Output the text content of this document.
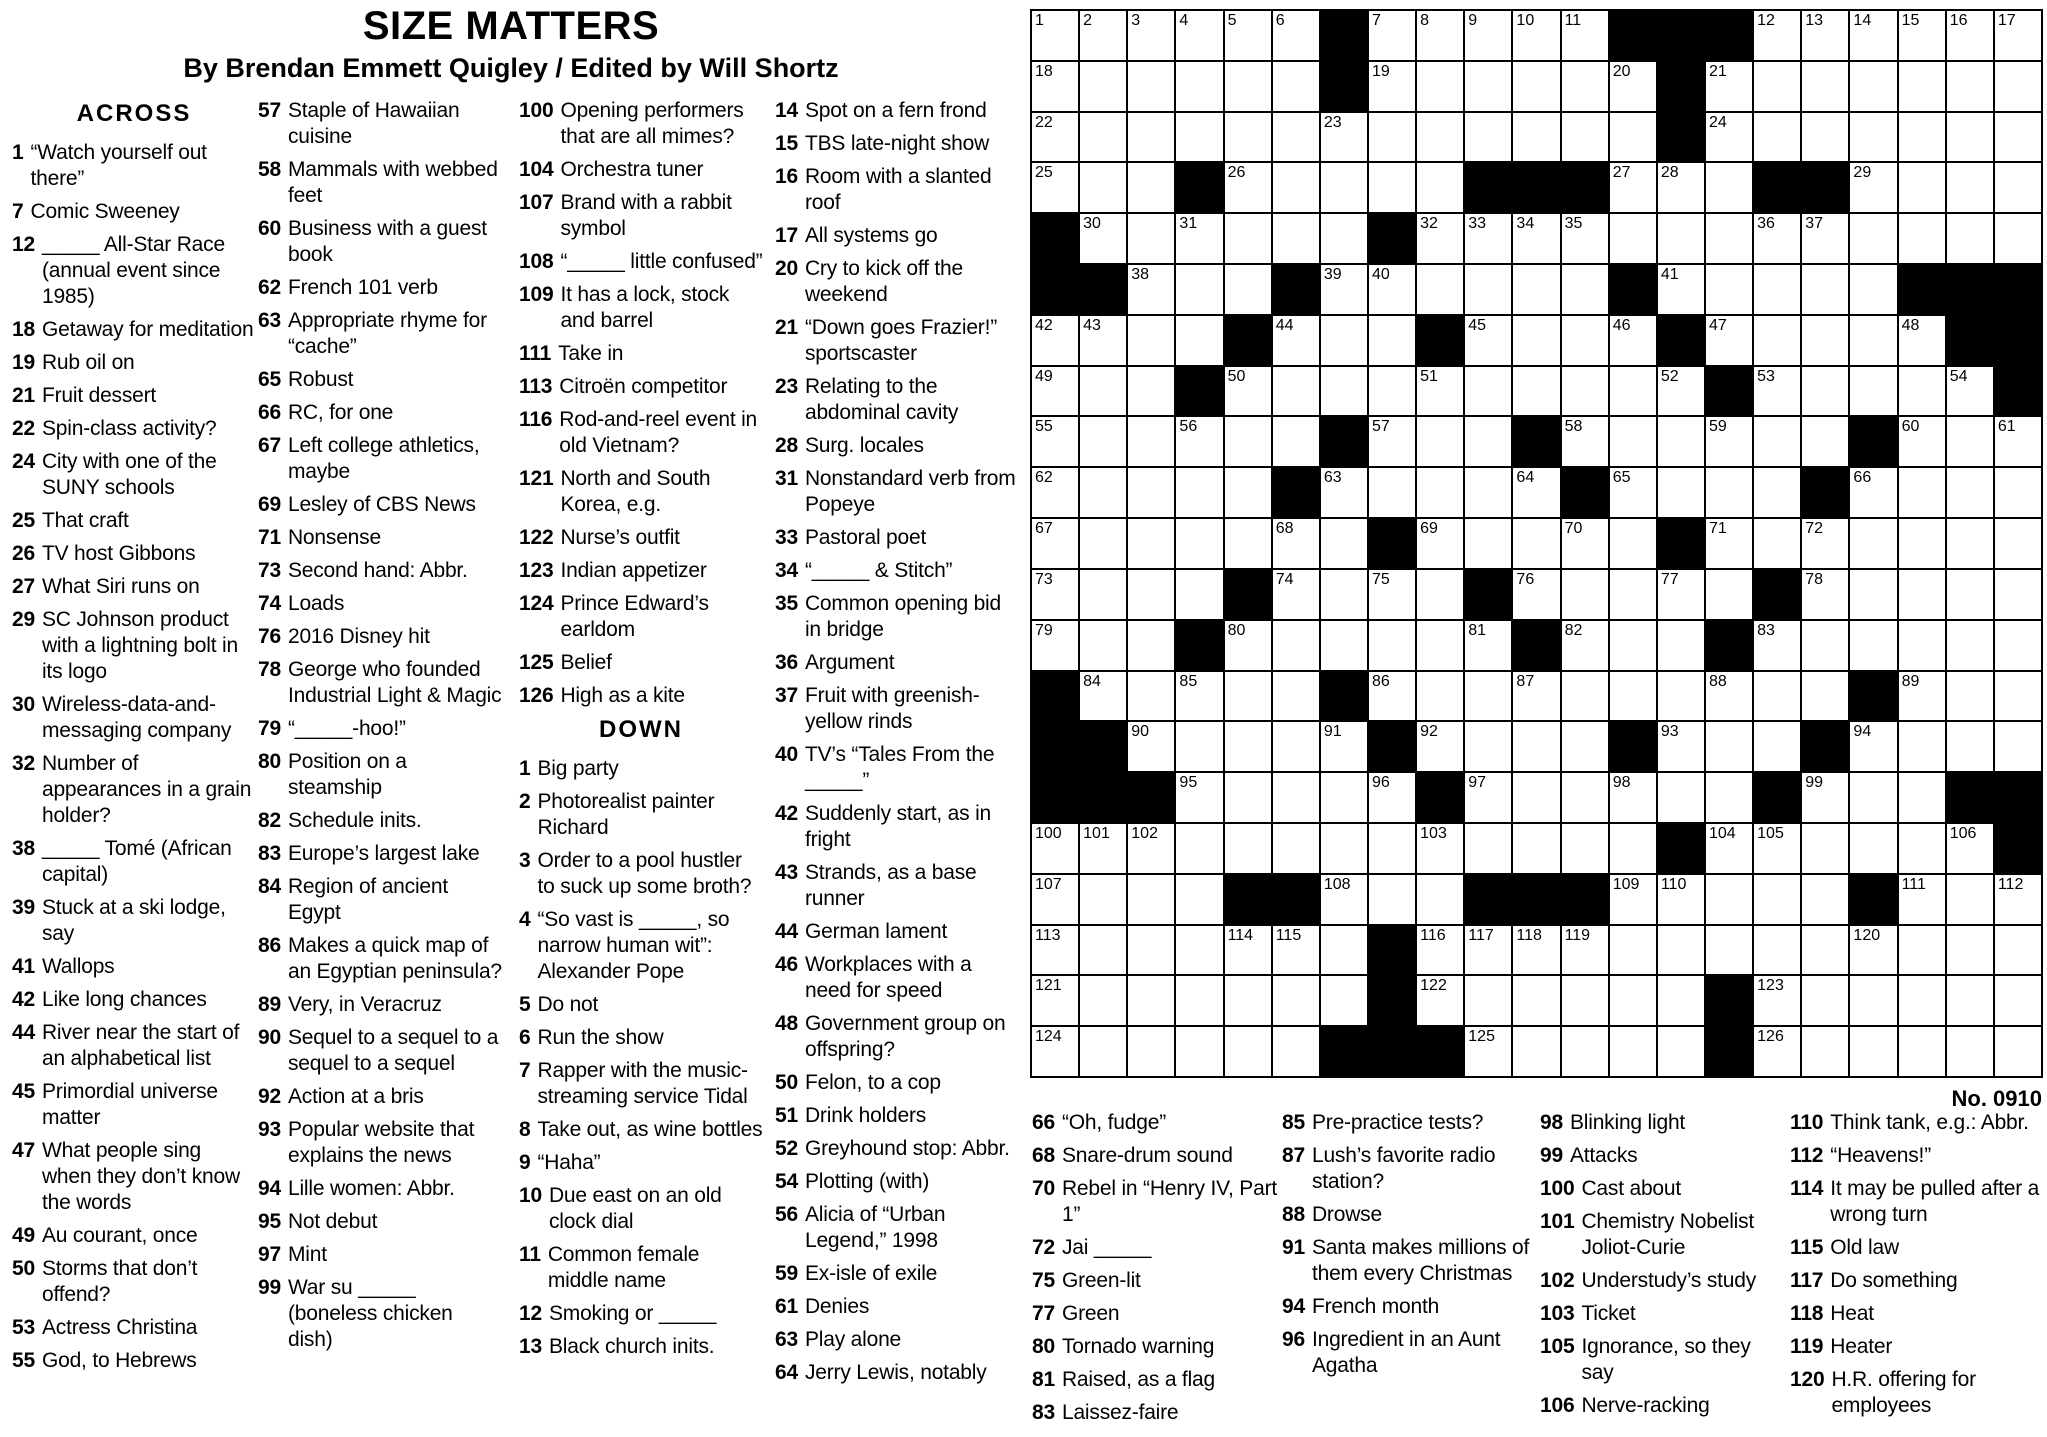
SIZE MATTERS
By Brendan Emmett Quigley / Edited by Will Shortz
ACROSS
1 “Watch yourself out there”
7 Comic Sweeney
12 _____ All-Star Race (annual event since 1985)
18 Getaway for meditation
19 Rub oil on
21 Fruit dessert
22 Spin-class activity?
24 City with one of the SUNY schools
25 That craft
26 TV host Gibbons
27 What Siri runs on
29 SC Johnson product with a lightning bolt in its logo
30 Wireless-data-and-messaging company
32 Number of appearances in a grain holder?
38 _____ Tomé (African capital)
39 Stuck at a ski lodge, say
41 Wallops
42 Like long chances
44 River near the start of an alphabetical list
45 Primordial universe matter
47 What people sing when they don’t know the words
49 Au courant, once
50 Storms that don’t offend?
53 Actress Christina
55 God, to Hebrews
57 Staple of Hawaiian cuisine
58 Mammals with webbed feet
60 Business with a guest book
62 French 101 verb
63 Appropriate rhyme for “cache”
65 Robust
66 RC, for one
67 Left college athletics, maybe
69 Lesley of CBS News
71 Nonsense
73 Second hand: Abbr.
74 Loads
76 2016 Disney hit
78 George who founded Industrial Light & Magic
79 “_____-hoo!”
80 Position on a steamship
82 Schedule inits.
83 Europe’s largest lake
84 Region of ancient Egypt
86 Makes a quick map of an Egyptian peninsula?
89 Very, in Veracruz
90 Sequel to a sequel to a sequel to a sequel
92 Action at a bris
93 Popular website that explains the news
94 Lille women: Abbr.
95 Not debut
97 Mint
99 War su _____ (boneless chicken dish)
100 Opening performers that are all mimes?
104 Orchestra tuner
107 Brand with a rabbit symbol
108 “_____ little confused”
109 It has a lock, stock and barrel
111 Take in
113 Citroën competitor
116 Rod-and-reel event in old Vietnam?
121 North and South Korea, e.g.
122 Nurse’s outfit
123 Indian appetizer
124 Prince Edward’s earldom
125 Belief
126 High as a kite
DOWN
1 Big party
2 Photorealist painter Richard
3 Order to a pool hustler to suck up some broth?
4 “So vast is _____, so narrow human wit”: Alexander Pope
5 Do not
6 Run the show
7 Rapper with the music-streaming service Tidal
8 Take out, as wine bottles
9 “Haha”
10 Due east on an old clock dial
11 Common female middle name
12 Smoking or _____
13 Black church inits.
14 Spot on a fern frond
15 TBS late-night show
16 Room with a slanted roof
17 All systems go
20 Cry to kick off the weekend
21 “Down goes Frazier!” sportscaster
23 Relating to the abdominal cavity
28 Surg. locales
31 Nonstandard verb from Popeye
33 Pastoral poet
34 “_____ & Stitch”
35 Common opening bid in bridge
36 Argument
37 Fruit with greenish-yellow rinds
40 TV’s “Tales From the _____”
42 Suddenly start, as in fright
43 Strands, as a base runner
44 German lament
46 Workplaces with a need for speed
48 Government group on offspring?
50 Felon, to a cop
51 Drink holders
52 Greyhound stop: Abbr.
54 Plotting (with)
56 Alicia of “Urban Legend,” 1998
59 Ex-isle of exile
61 Denies
63 Play alone
64 Jerry Lewis, notably
66 “Oh, fudge”
68 Snare-drum sound
70 Rebel in “Henry IV, Part 1”
72 Jai _____
75 Green-lit
77 Green
80 Tornado warning
81 Raised, as a flag
83 Laissez-faire
85 Pre-practice tests?
87 Lush’s favorite radio station?
88 Drowse
91 Santa makes millions of them every Christmas
94 French month
96 Ingredient in an Aunt Agatha
98 Blinking light
99 Attacks
100 Cast about
101 Chemistry Nobelist Joliot-Curie
102 Understudy’s study
103 Ticket
105 Ignorance, so they say
106 Nerve-racking
110 Think tank, e.g.: Abbr.
112 “Heavens!”
114 It may be pulled after a wrong turn
115 Old law
117 Do something
118 Heat
119 Heater
120 H.R. offering for employees
1 2 3 4 5 6	7 8 9 10 11	12 13 14 15 16 17
18	19	20	21
22	23	24
25	26	27 28	29
30	31	32 33 34 35	36 37
38	39 40	41
42 43	44	45	46	47	48
49	50	51	52	53	54
55	56	57	58	59	60	61
62	63	64	65	66
67	68	69	70	71	72
73	74	75	76	77	78
79	80	81	82	83
84	85	86	87	88	89
90	91	92	93	94
95	96	97	98	99
100 101 102	103	104 105	106
107	108	109 110	111	112
113	114 115	116 117 118 119	120
121	122	123
124	125	126
No. 0910
